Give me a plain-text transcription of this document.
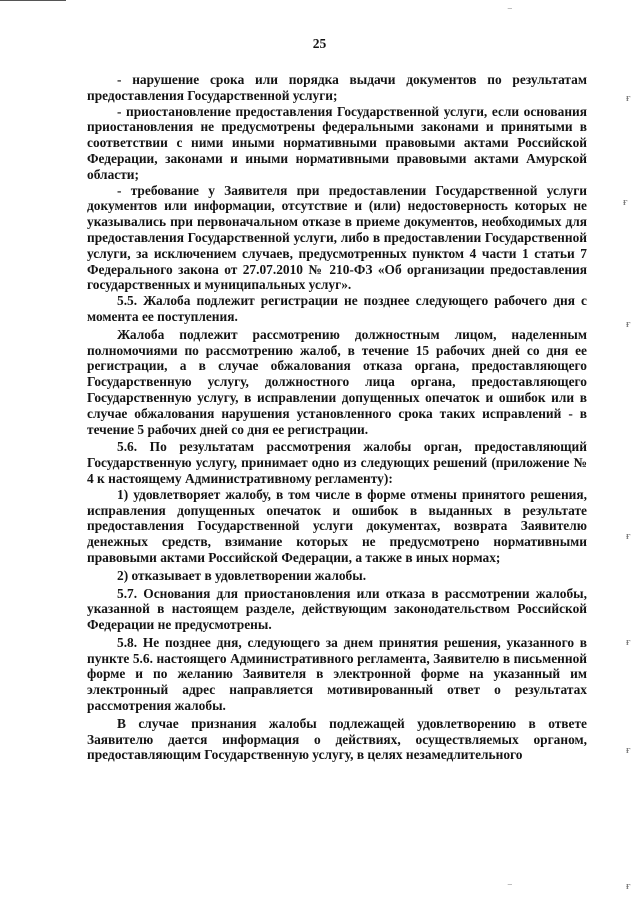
25

- нарушение срока или порядка выдачи документов по результатам предоставления Государственной услуги;

- приостановление предоставления Государственной услуги, если основания приостановления не предусмотрены федеральными законами и принятыми в соответствии с ними иными нормативными правовыми актами Российской Федерации, законами и иными нормативными правовыми актами Амурской области;

- требование у Заявителя при предоставлении Государственной услуги документов или информации, отсутствие и (или) недостоверность которых не указывались при первоначальном отказе в приеме документов, необходимых для предоставления Государственной услуги, либо в предоставлении Государственной услуги, за исключением случаев, предусмотренных пунктом 4 части 1 статьи 7 Федерального закона от 27.07.2010 № 210-ФЗ «Об организации предоставления государственных и муниципальных услуг».

5.5. Жалоба подлежит регистрации не позднее следующего рабочего дня с момента ее поступления.

Жалоба подлежит рассмотрению должностным лицом, наделенным полномочиями по рассмотрению жалоб, в течение 15 рабочих дней со дня ее регистрации, а в случае обжалования отказа органа, предоставляющего Государственную услугу, должностного лица органа, предоставляющего Государственную услугу, в исправлении допущенных опечаток и ошибок или в случае обжалования нарушения установленного срока таких исправлений - в течение 5 рабочих дней со дня ее регистрации.

5.6. По результатам рассмотрения жалобы орган, предоставляющий Государственную услугу, принимает одно из следующих решений (приложение № 4 к настоящему Административному регламенту):

1) удовлетворяет жалобу, в том числе в форме отмены принятого решения, исправления допущенных опечаток и ошибок в выданных в результате предоставления Государственной услуги документах, возврата Заявителю денежных средств, взимание которых не предусмотрено нормативными правовыми актами Российской Федерации, а также в иных нормах;

2) отказывает в удовлетворении жалобы.

5.7. Основания для приостановления или отказа в рассмотрении жалобы, указанной в настоящем разделе, действующим законодательством Российской Федерации не предусмотрены.

5.8. Не позднее дня, следующего за днем принятия решения, указанного в пункте 5.6. настоящего Административного регламента, Заявителю в письменной форме и по желанию Заявителя в электронной форме на указанный им электронный адрес направляется мотивированный ответ о результатах рассмотрения жалобы.

В случае признания жалобы подлежащей удовлетворению в ответе Заявителю дается информация о действиях, осуществляемых органом, предоставляющим Государственную услугу, в целях незамедлительного

‾
ғ
ғ
ғ
ғ
ғ
ғ
ғ
‾
